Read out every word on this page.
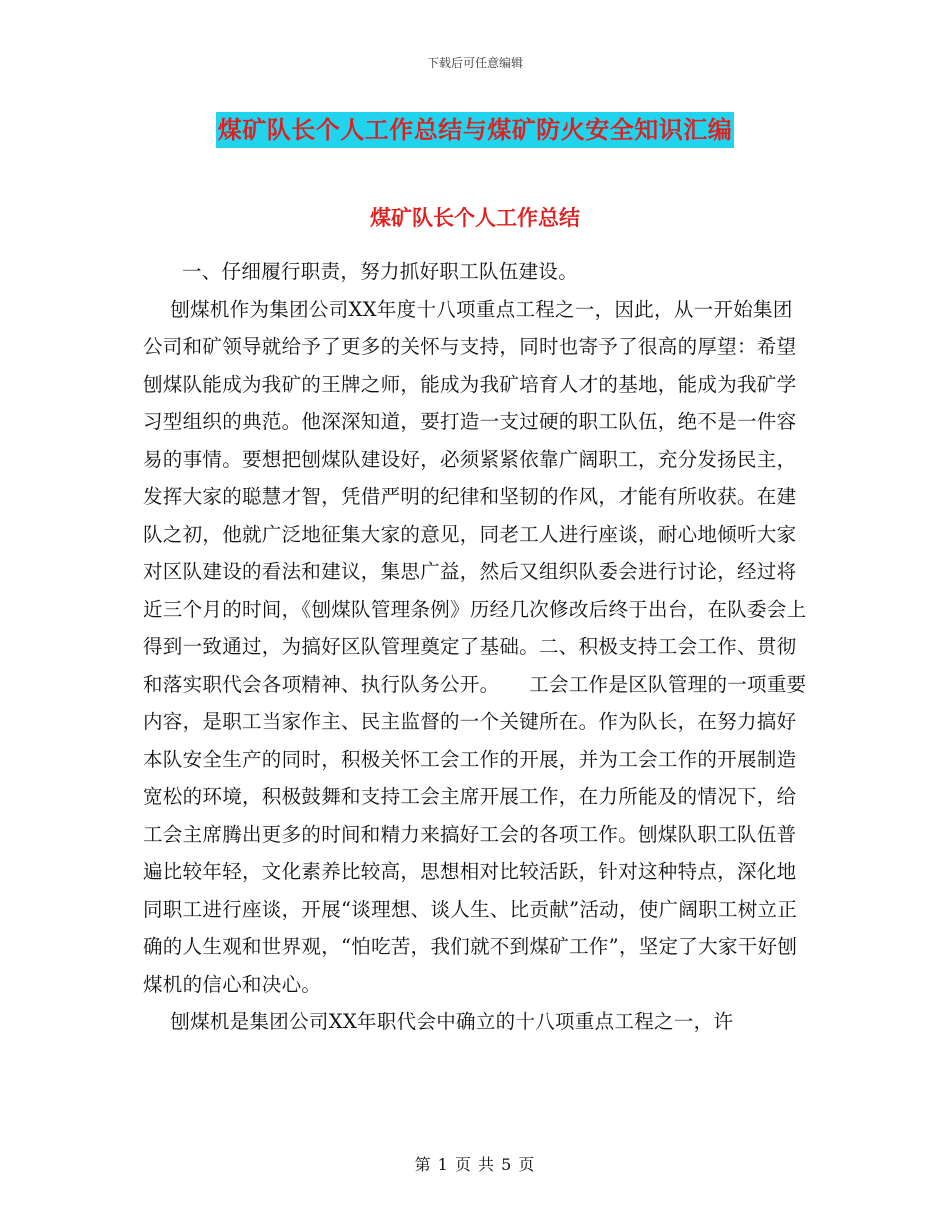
下载后可任意编辑
煤矿队长个人工作总结与煤矿防火安全知识汇编
煤矿队长个人工作总结

一、仔细履行职责，努力抓好职工队伍建设。

刨煤机作为集团公司XX年度十八项重点工程之一，因此，从一开始集团公司和矿领导就给予了更多的关怀与支持，同时也寄予了很高的厚望：希望刨煤队能成为我矿的王牌之师，能成为我矿培育人才的基地，能成为我矿学习型组织的典范。他深深知道，要打造一支过硬的职工队伍，绝不是一件容易的事情。要想把刨煤队建设好，必须紧紧依靠广阔职工，充分发扬民主，发挥大家的聪慧才智，凭借严明的纪律和坚韧的作风，才能有所收获。在建队之初，他就广泛地征集大家的意见，同老工人进行座谈，耐心地倾听大家对区队建设的看法和建议，集思广益，然后又组织队委会进行讨论，经过将近三个月的时间，《刨煤队管理条例》历经几次修改后终于出台，在队委会上得到一致通过，为搞好区队管理奠定了基础。二、积极支持工会工作、贯彻和落实职代会各项精神、执行队务公开。　　工会工作是区队管理的一项重要内容，是职工当家作主、民主监督的一个关键所在。作为队长，在努力搞好本队安全生产的同时，积极关怀工会工作的开展，并为工会工作的开展制造宽松的环境，积极鼓舞和支持工会主席开展工作，在力所能及的情况下，给工会主席腾出更多的时间和精力来搞好工会的各项工作。刨煤队职工队伍普遍比较年轻，文化素养比较高，思想相对比较活跃，针对这种特点，深化地同职工进行座谈，开展“谈理想、谈人生、比贡献”活动，使广阔职工树立正确的人生观和世界观，“怕吃苦，我们就不到煤矿工作”，坚定了大家干好刨煤机的信心和决心。

刨煤机是集团公司XX年职代会中确立的十八项重点工程之一，许

第 1 页 共 5 页
